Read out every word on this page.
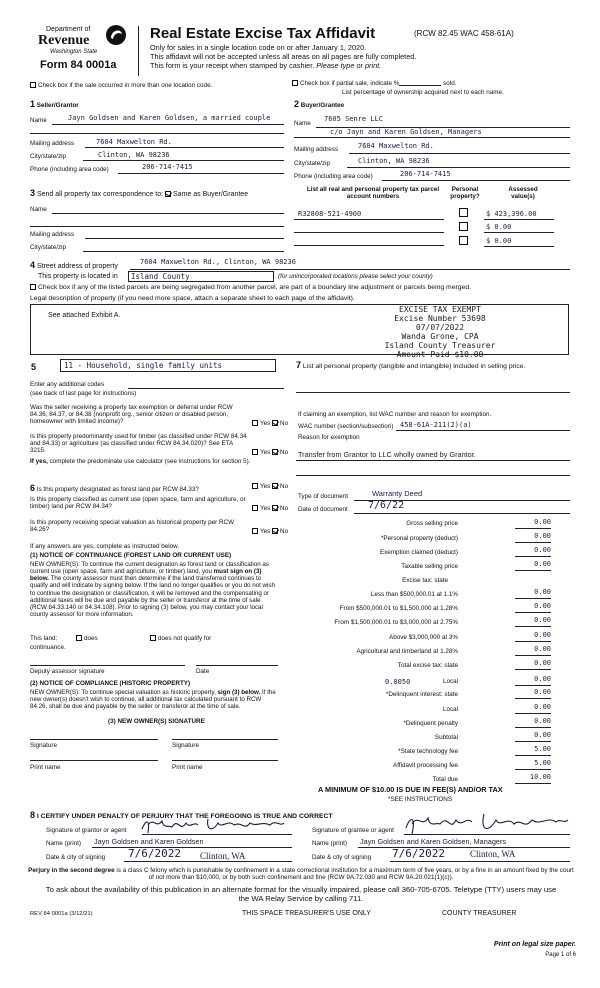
Department of
Revenue
Washington State
Form 84 0001a
Real Estate Excise Tax Affidavit	(RCW 82.45 WAC 458-61A)
Only for sales in a single location code on or after January 1, 2020.
This affidavit will not be accepted unless all areas on all pages are fully completed.
This form is your receipt when stamped by cashier. Please type or print.
Check box if the sale occurred in more than one location code.	Check box if partial sale, indicate %	sold.
List percentage of ownership acquired next to each name.
1 Seller/Grantor
Name	Jayn Goldsen and Karen Goldsen, a married couple
Mailing address	7604 Maxwelton Rd.
City/state/zip	Clinton, WA 98236
Phone (including area code)	206-714-7415
2 Buyer/Grantee
Name
7605 Senre LLC
c/o Jayn and Karen Goldsen, Managers
Mailing address	7604 Maxwelton Rd.
City/state/zip	Clinton, WA 98236
Phone (including area code)	206-714-7415
3 Send all property tax correspondence to: Same as Buyer/Grantee
Name
Mailing address
City/state/zip
List all real and personal property tax parcel account numbers
Personal property?
Assessed value(s)
R32808-521-4900	$ 423,396.00
$ 0.00
$ 0.00
4 Street address of property
7604 Maxwelton Rd., Clinton, WA 98236
This property is located in Island County	(for unincorporated locations please select your county)
Check box if any of the listed parcels are being segregated from another parcel, are part of a boundary line adjustment or parcels being merged.
Legal description of property (if you need more space, attach a separate sheet to each page of the affidavit).
See attached Exhibit A.
EXCISE TAX EXEMPT
Excise Number 53698
07/07/2022
Wanda Grone, CPA
Island County Treasurer
Amount Paid $10.00
5	11 - Household, single family units
Enter any additional codes
(see back of last page for instructions)
Was the seller receiving a property tax exemption or deferral under RCW 84.36, 84.37, or 84.38 (nonprofit org., senior citizen or disabled person, homeowner with limited income)?	Yes No
Is this property predominantly used for timber (as classified under RCW 84.34 and 84.33) or agriculture (as classified under RCW 84.34.020)? See ETA 3215.	Yes No
If yes, complete the predominate use calculator (see instructions for section 5).
6 Is this property designated as forest land per RCW 84.33?	Yes No
Is this property classified as current use (open space, farm and agriculture, or timber) land per RCW 84.34?	Yes No
Is this property receiving special valuation as historical property per RCW 84.26?	Yes No
If any answers are yes, complete as instructed below.
(1) NOTICE OF CONTINUANCE (FOREST LAND OR CURRENT USE)
NEW OWNER(S): To continue the current designation as forest land or classification as current use (open space, farm and agriculture, or timber) land, you must sign on (3) below. The county assessor must then determine if the land transferred continues to qualify and will indicate by signing below. If the land no longer qualifies or you do not wish to continue the designation or classification, it will be removed and the compensating or additional taxes will be due and payable by the seller or transferor at the time of sale (RCW 84.33.140 or 84.34.108). Prior to signing (3) below, you may contact your local county assessor for more information.
This land:	does	does not qualify for
continuance.
Deputy assessor signature	Date
(2) NOTICE OF COMPLIANCE (HISTORIC PROPERTY)
NEW OWNER(S): To continue special valuation as historic property, sign (3) below. If the new owner(s) doesn't wish to continue, all additional tax calculated pursuant to RCW 84.26, shall be due and payable by the seller or transferor at the time of sale.
(3) NEW OWNER(S) SIGNATURE
Signature	Signature
Print name	Print name
7 List all personal property (tangible and intangible) included in selling price.
If claiming an exemption, list WAC number and reason for exemption.
WAC number (section/subsection) 458-61A-211(2)(a)
Reason for exemption
Transfer from Grantor to LLC wholly owned by Grantor.
Type of document	Warranty Deed
Date of document 7/6/22
Gross selling price	0.00
*Personal property (deduct)	0.00
Exemption claimed (deduct)	0.00
Taxable selling price	0.00
Excise tax: state
Less than $500,000.01 at 1.1%	0.00
From $500,000.01 to $1,500,000 at 1.28%	0.00
From $1,500,000.01 to $3,000,000 at 2.75%	0.00
Above $3,000,000 at 3%	0.00
Agricultural and timberland at 1.28%	0.00
Total excise tax: state	0.00
0.0050	Local	0.00
*Delinquent interest: state	0.00
Local	0.00
*Delinquent penalty	0.00
Subtotal	0.00
*State technology fee	5.00
Affidavit processing fee	5.00
Total due	10.00
A MINIMUM OF $10.00 IS DUE IN FEE(S) AND/OR TAX
*SEE INSTRUCTIONS
8 I CERTIFY UNDER PENALTY OF PERJURY THAT THE FOREGOING IS TRUE AND CORRECT
Signature of grantor or agent
Name (print) Jayn Goldsen and Karen Goldsen
Date & city of signing 7/6/2022 Clinton, WA
Signature of grantee or agent
Name (print) Jayn Goldsen and Karen Goldsen, Managers
Date & city of signing 7/6/2022	Clinton, WA
Perjury in the second degree is a class C felony which is punishable by confinement in a state correctional institution for a maximum term of five years, or by a fine in an amount fixed by the court of not more than $10,000, or by both such confinement and fine (RCW 9A.72.030 and RCW 9A.20.021(1)(c)).
To ask about the availability of this publication in an alternate format for the visually impaired, please call 360-705-6705. Teletype (TTY) users may use the WA Relay Service by calling 711.
REV 84 0001a (3/12/21)	THIS SPACE TREASURER'S USE ONLY	COUNTY TREASURER
Print on legal size paper.
Page 1 of 6
